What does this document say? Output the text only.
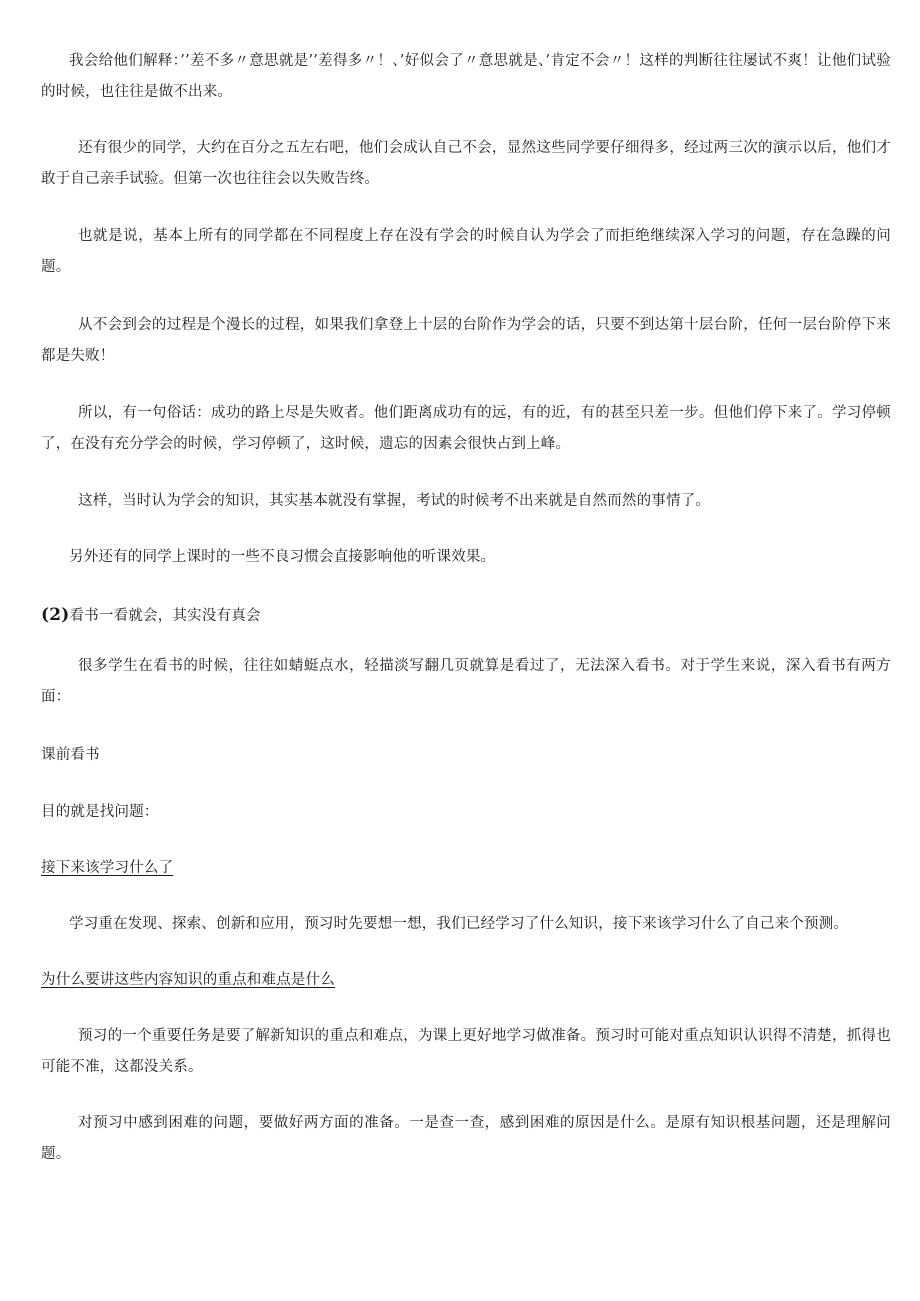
我会给他们解释：’’差不多〃意思就是’’差得多〃！、’好似会了〃意思就是、’肯定不会〃！这样的判断往往屡试不爽！让他们试验的时候，也往往是做不出来。

还有很少的同学，大约在百分之五左右吧，他们会成认自己不会，显然这些同学要仔细得多，经过两三次的演示以后，他们才敢于自己亲手试验。但第一次也往往会以失败告终。

也就是说，基本上所有的同学都在不同程度上存在没有学会的时候自认为学会了而拒绝继续深入学习的问题，存在急躁的问题。

从不会到会的过程是个漫长的过程，如果我们拿登上十层的台阶作为学会的话，只要不到达第十层台阶，任何一层台阶停下来都是失败！

所以，有一句俗话：成功的路上尽是失败者。他们距离成功有的远，有的近，有的甚至只差一步。但他们停下来了。学习停顿了，在没有充分学会的时候，学习停顿了，这时候，遗忘的因素会很快占到上峰。

这样，当时认为学会的知识，其实基本就没有掌握，考试的时候考不出来就是自然而然的事情了。

另外还有的同学上课时的一些不良习惯会直接影响他的听课效果。

(2)看书一看就会，其实没有真会

很多学生在看书的时候，往往如蜻蜓点水，轻描淡写翻几页就算是看过了，无法深入看书。对于学生来说，深入看书有两方面：

课前看书

目的就是找问题：

接下来该学习什么了

学习重在发现、探索、创新和应用，预习时先要想一想，我们已经学习了什么知识，接下来该学习什么了自己来个预测。

为什么要讲这些内容知识的重点和难点是什么

预习的一个重要任务是要了解新知识的重点和难点，为课上更好地学习做准备。预习时可能对重点知识认识得不清楚，抓得也可能不准，这都没关系。

对预习中感到困难的问题，要做好两方面的准备。一是查一查，感到困难的原因是什么。是原有知识根基问题，还是理解问题。
